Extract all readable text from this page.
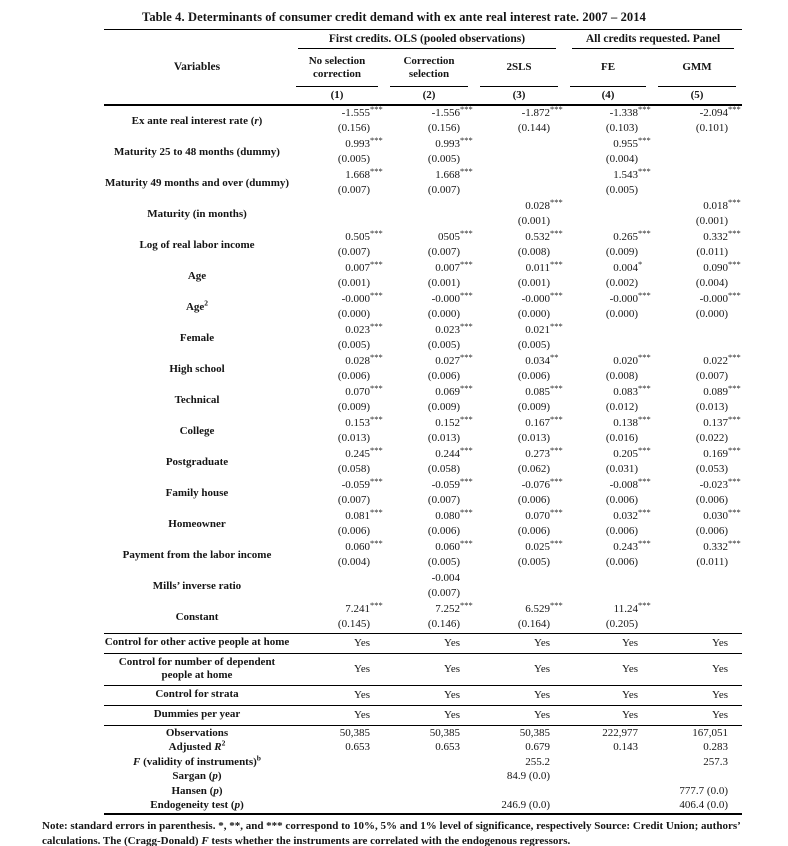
Table 4. Determinants of consumer credit demand with ex ante real interest rate. 2007 – 2014
Variables	First credits. OLS (pooled observations)			All credits requested. Panel	

No selection correction	Correction selection	2SLS	FE	GMM

	(1)	(2)	(3)	(4)	(5)
Ex ante real interest rate (r)	-1.555 ***	-1.556 ***	-1.872 ***	-1.338 ***	-2.094 ***

	(0.156)	(0.156)	(0.144)	(0.103)	(0.101)
Maturity 25 to 48 months (dummy)	0.993 ***	0.993 ***		0.955 ***	

	(0.005)	(0.005)		(0.004)	
Maturity 49 months and over (dummy)	1.668 ***	1.668 ***		1.543 ***	

	(0.007)	(0.007)		(0.005)	
Maturity (in months)			0.028 ***		0.018 ***

			(0.001)		(0.001)
Log of real labor income	0.505 ***	0505 ***	0.532 ***	0.265 ***	0.332 ***

	(0.007)	(0.007)	(0.008)	(0.009)	(0.011)
Age	0.007 ***	0.007 ***	0.011 ***	0.004 *	0.090 ***

	(0.001)	(0.001)	(0.001)	(0.002)	(0.004)
Age$^2$	-0.000 ***	-0.000 ***	-0.000 ***	-0.000 ***	-0.000 ***

	(0.000)	(0.000)	(0.000)	(0.000)	(0.000)
Female	0.023 ***	0.023 ***	0.021 ***		

	(0.005)	(0.005)	(0.005)		
High school	0.028 ***	0.027 ***	0.034 **	0.020 ***	0.022 ***

	(0.006)	(0.006)	(0.006)	(0.008)	(0.007)
Technical	0.070 ***	0.069 ***	0.085 ***	0.083 ***	0.089 ***

	(0.009)	(0.009)	(0.009)	(0.012)	(0.013)
College	0.153 ***	0.152 ***	0.167 ***	0.138 ***	0.137 ***

	(0.013)	(0.013)	(0.013)	(0.016)	(0.022)
Postgraduate	0.245 ***	0.244 ***	0.273 ***	0.205 ***	0.169 ***

	(0.058)	(0.058)	(0.062)	(0.031)	(0.053)
Family house	-0.059 ***	-0.059 ***	-0.076 ***	-0.008 ***	-0.023 ***

	(0.007)	(0.007)	(0.006)	(0.006)	(0.006)
Homeowner	0.081 ***	0.080 ***	0.070 ***	0.032 ***	0.030 ***

	(0.006)	(0.006)	(0.006)	(0.006)	(0.006)
Payment from the labor income	0.060 ***	0.060 ***	0.025 ***	0.243 ***	0.332 ***

	(0.004)	(0.005)	(0.005)	(0.006)	(0.011)
Mills’ inverse ratio		-0.004			
		(0.007)			
Constant	7.241 ***	7.252 ***	6.529 ***	11.24 ***	

	(0.145)	(0.146)	(0.164)	(0.205)	

Control for other active people at home	Yes	Yes	Yes	Yes	Yes

Control for number of dependent
people at home	Yes	Yes	Yes	Yes	Yes

Control for strata	Yes	Yes	Yes	Yes	Yes

Dummies per year	Yes	Yes	Yes	Yes	Yes
Observations	50,385	50,385	50,385	222,977	167,051
Adjusted $R^2$	0.653	0.653	0.679	0.143	0.283
F (validity of instruments)$^b$			255.2		257.3
Sargan (p)			84.9 (0.0)		
Hansen (p)					777.7 (0.0)
Endogeneity test (p)			246.9 (0.0)		406.4 (0.0)
Note: standard errors in parenthesis. *, **, and *** correspond to 10%, 5% and 1% level of significance, respectively Source: Credit Union; authors’ calculations. The (Cragg-Donald) F tests whether the instruments are correlated with the endogenous regressors.
